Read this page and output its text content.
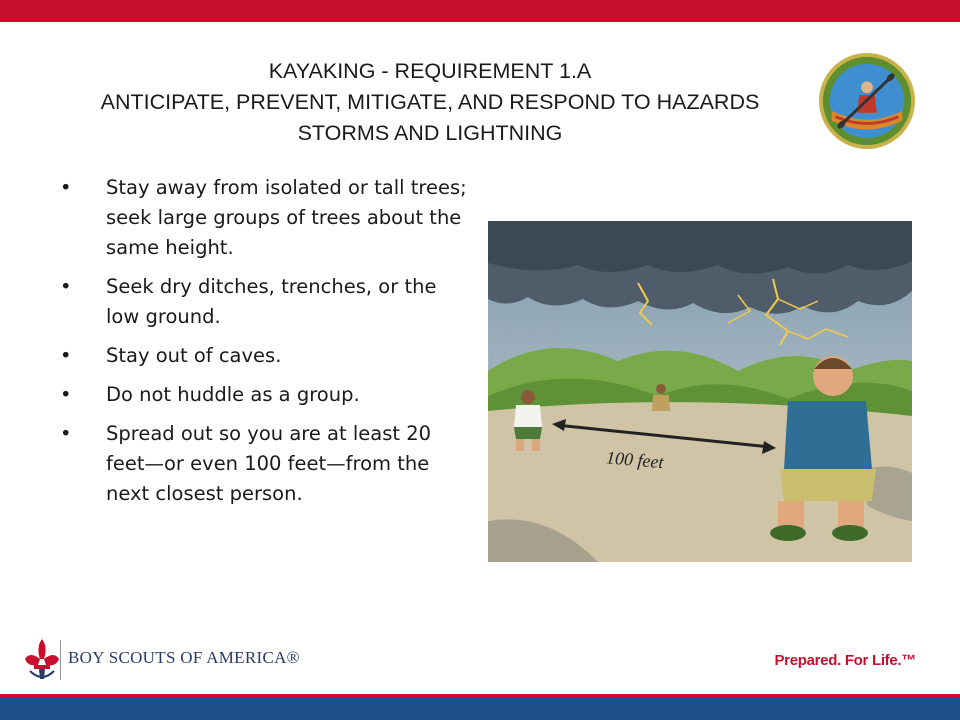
KAYAKING - REQUIREMENT 1.A
ANTICIPATE, PREVENT, MITIGATE, AND RESPOND TO HAZARDS
STORMS AND LIGHTNING
• Stay away from isolated or tall trees; seek large groups of trees about the same height.
• Seek dry ditches, trenches, or the low ground.
• Stay out of caves.
• Do not huddle as a group.
• Spread out so you are at least 20 feet—or even 100 feet—from the next closest person.
100 feet
BOY SCOUTS OF AMERICA®	Prepared. For Life.™
